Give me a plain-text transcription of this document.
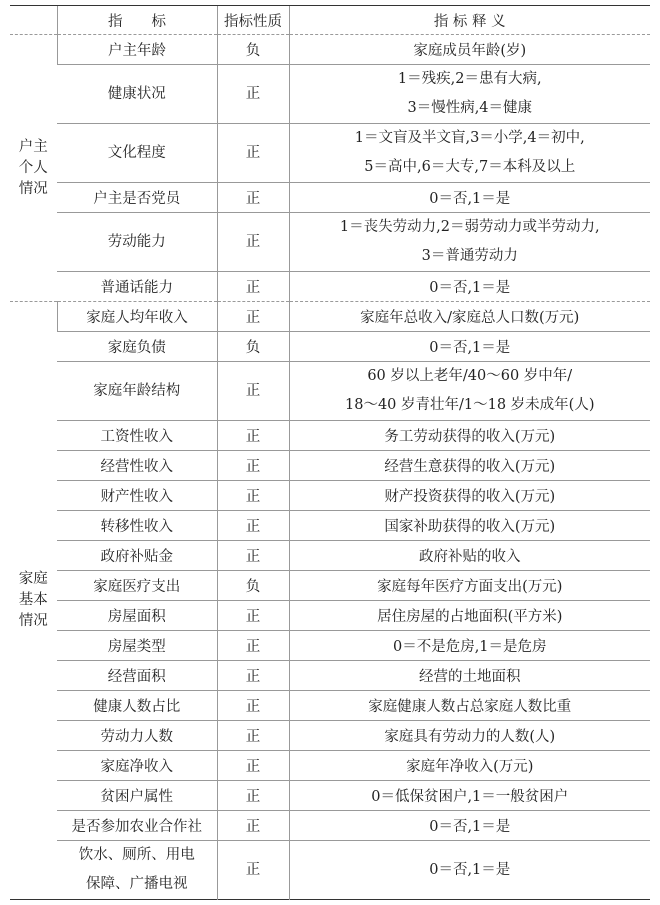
	指　　标	指标性质	指 标 释 义

户主
个人
情况	户主年龄	负	家庭成员年龄(岁)

	健康状况	正	1＝残疾,2＝患有大病,
3＝慢性病,4＝健康

	文化程度	正	1＝文盲及半文盲,3＝小学,4＝初中,
5＝高中,6＝大专,7＝本科及以上

	户主是否党员	正	0＝否,1＝是

	劳动能力	正	1＝丧失劳动力,2＝弱劳动力或半劳动力,
3＝普通劳动力

	普通话能力	正	0＝否,1＝是

家庭
基本
情况	家庭人均年收入	正	家庭年总收入/家庭总人口数(万元)

	家庭负债	负	0＝否,1＝是

	家庭年龄结构	正	60 岁以上老年/40～60 岁中年/
18～40 岁青壮年/1～18 岁未成年(人)

	工资性收入	正	务工劳动获得的收入(万元)

	经营性收入	正	经营生意获得的收入(万元)

	财产性收入	正	财产投资获得的收入(万元)

	转移性收入	正	国家补助获得的收入(万元)

	政府补贴金	正	政府补贴的收入

	家庭医疗支出	负	家庭每年医疗方面支出(万元)

	房屋面积	正	居住房屋的占地面积(平方米)

	房屋类型	正	0＝不是危房,1＝是危房

	经营面积	正	经营的土地面积

	健康人数占比	正	家庭健康人数占总家庭人数比重

	劳动力人数	正	家庭具有劳动力的人数(人)

	家庭净收入	正	家庭年净收入(万元)

	贫困户属性	正	0＝低保贫困户,1＝一般贫困户

	是否参加农业合作社	正	0＝否,1＝是

	饮水、厕所、用电
保障、广播电视	正	0＝否,1＝是
